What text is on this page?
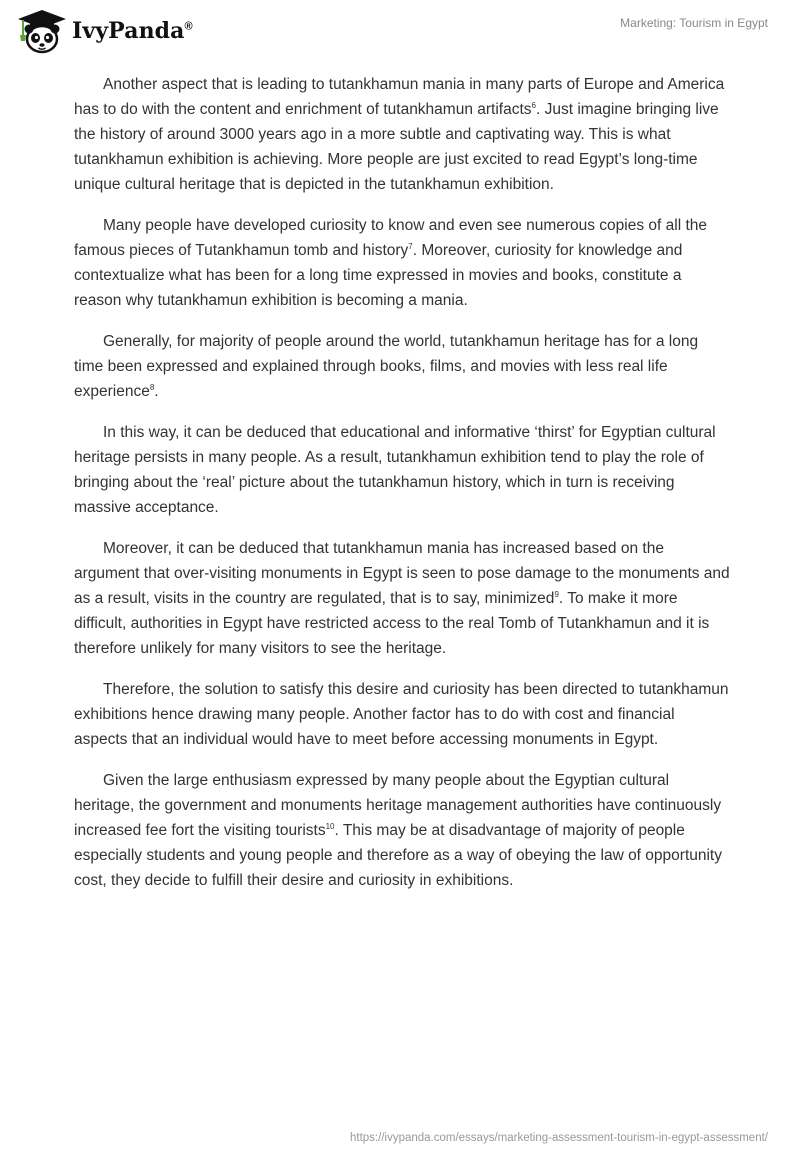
IvyPanda®	Marketing: Tourism in Egypt

Another aspect that is leading to tutankhamun mania in many parts of Europe and America has to do with the content and enrichment of tutankhamun artifacts$^6$. Just imagine bringing live the history of around 3000 years ago in a more subtle and captivating way. This is what tutankhamun exhibition is achieving. More people are just excited to read Egypt’s long-time unique cultural heritage that is depicted in the tutankhamun exhibition.

Many people have developed curiosity to know and even see numerous copies of all the famous pieces of Tutankhamun tomb and history$^7$. Moreover, curiosity for knowledge and contextualize what has been for a long time expressed in movies and books, constitute a reason why tutankhamun exhibition is becoming a mania.

Generally, for majority of people around the world, tutankhamun heritage has for a long time been expressed and explained through books, films, and movies with less real life experience$^8$.

In this way, it can be deduced that educational and informative ‘thirst’ for Egyptian cultural heritage persists in many people. As a result, tutankhamun exhibition tend to play the role of bringing about the ‘real’ picture about the tutankhamun history, which in turn is receiving massive acceptance.

Moreover, it can be deduced that tutankhamun mania has increased based on the argument that over-visiting monuments in Egypt is seen to pose damage to the monuments and as a result, visits in the country are regulated, that is to say, minimized$^9$. To make it more difficult, authorities in Egypt have restricted access to the real Tomb of Tutankhamun and it is therefore unlikely for many visitors to see the heritage.

Therefore, the solution to satisfy this desire and curiosity has been directed to tutankhamun exhibitions hence drawing many people. Another factor has to do with cost and financial aspects that an individual would have to meet before accessing monuments in Egypt.

Given the large enthusiasm expressed by many people about the Egyptian cultural heritage, the government and monuments heritage management authorities have continuously increased fee fort the visiting tourists$^{10}$. This may be at disadvantage of majority of people especially students and young people and therefore as a way of obeying the law of opportunity cost, they decide to fulfill their desire and curiosity in exhibitions.

https://ivypanda.com/essays/marketing-assessment-tourism-in-egypt-assessment/
